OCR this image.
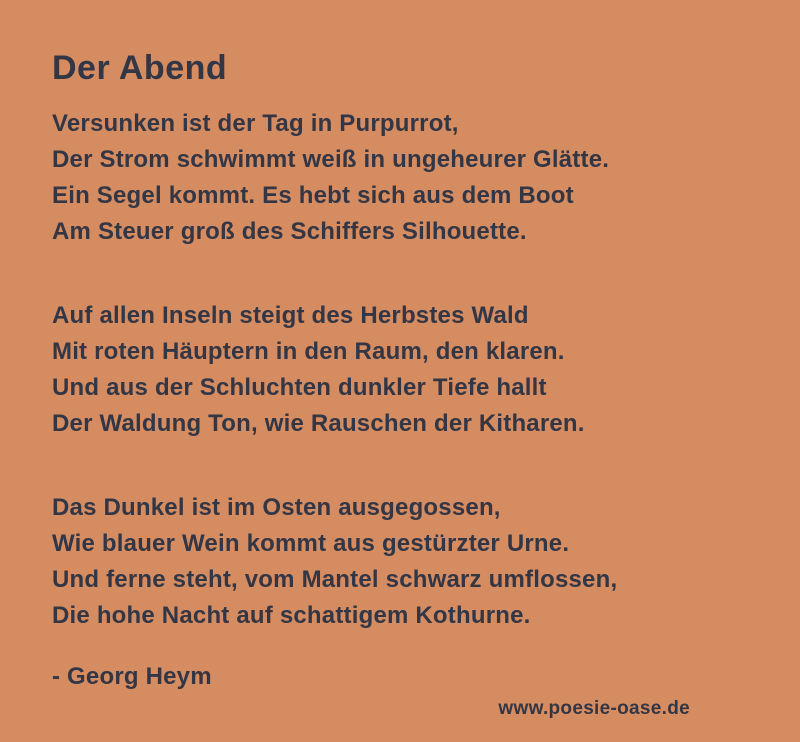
Der Abend

Versunken ist der Tag in Purpurrot,

Der Strom schwimmt weiß in ungeheurer Glätte.

Ein Segel kommt. Es hebt sich aus dem Boot

Am Steuer groß des Schiffers Silhouette.

Auf allen Inseln steigt des Herbstes Wald

Mit roten Häuptern in den Raum, den klaren.

Und aus der Schluchten dunkler Tiefe hallt

Der Waldung Ton, wie Rauschen der Kitharen.

Das Dunkel ist im Osten ausgegossen,

Wie blauer Wein kommt aus gestürzter Urne.

Und ferne steht, vom Mantel schwarz umflossen,

Die hohe Nacht auf schattigem Kothurne.

- Georg Heym

www.poesie-oase.de
